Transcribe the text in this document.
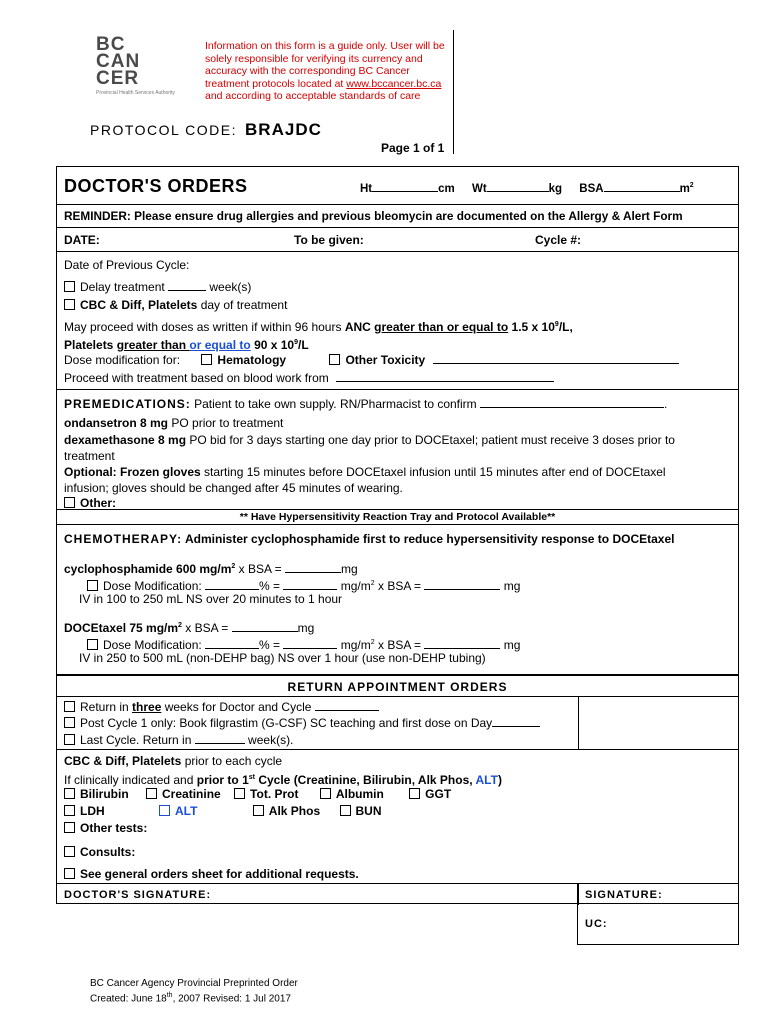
BC
CAN
CER
Provincial Health Services Authority
Information on this form is a guide only. User will be solely responsible for verifying its currency and accuracy with the corresponding BC Cancer treatment protocols located at www.bccancer.bc.ca and according to acceptable standards of care
PROTOCOL CODE: BRAJDC
Page 1 of 1
DOCTOR'S ORDERS	Ht	cm Wt	kg BSA	$m^2$
REMINDER: Please ensure drug allergies and previous bleomycin are documented on the Allergy & Alert Form
DATE:	To be given:	Cycle #:
Date of Previous Cycle:
Delay treatment	week(s)
CBC & Diff, Platelets day of treatment
May proceed with doses as written if within 96 hours ANC greater than or equal to 1.5 x $10^9/L$,
Platelets greater than or equal to 90 x $10^9/L$
Dose modification for:	Hematology	Other Toxicity
Proceed with treatment based on blood work from
PREMEDICATIONS: Patient to take own supply. RN/Pharmacist to confirm	.
ondansetron 8 mg PO prior to treatment
dexamethasone 8 mg PO bid for 3 days starting one day prior to DOCEtaxel; patient must receive 3 doses prior to
treatment
Optional: Frozen gloves starting 15 minutes before DOCEtaxel infusion until 15 minutes after end of DOCEtaxel
infusion; gloves should be changed after 45 minutes of wearing.
Other:
** Have Hypersensitivity Reaction Tray and Protocol Available**
CHEMOTHERAPY: Administer cyclophosphamide first to reduce hypersensitivity response to DOCEtaxel
cyclophosphamide 600 $mg/m^2$ x BSA =	mg
Dose Modification:	% =	$mg/m^2$ x BSA =	mg
IV in 100 to 250 mL NS over 20 minutes to 1 hour
DOCEtaxel 75 $mg/m^2$ x BSA =	mg
Dose Modification:	% =	$mg/m^2$ x BSA =	mg
IV in 250 to 500 mL (non-DEHP bag) NS over 1 hour (use non-DEHP tubing)
RETURN APPOINTMENT ORDERS
Return in three weeks for Doctor and Cycle
Post Cycle 1 only: Book filgrastim (G-CSF) SC teaching and first dose on Day
Last Cycle. Return in	week(s).
CBC & Diff, Platelets prior to each cycle
If clinically indicated and prior to 1st Cycle (Creatinine, Bilirubin, Alk Phos, ALT)
Bilirubin	Creatinine Tot. Prot	Albumin	GGT
LDH	ALT	Alk Phos	BUN
Other tests:
Consults:
See general orders sheet for additional requests.
DOCTOR'S SIGNATURE:	SIGNATURE:
UC:
BC Cancer Agency Provincial Preprinted Order
Created: June 18th, 2007 Revised: 1 Jul 2017
